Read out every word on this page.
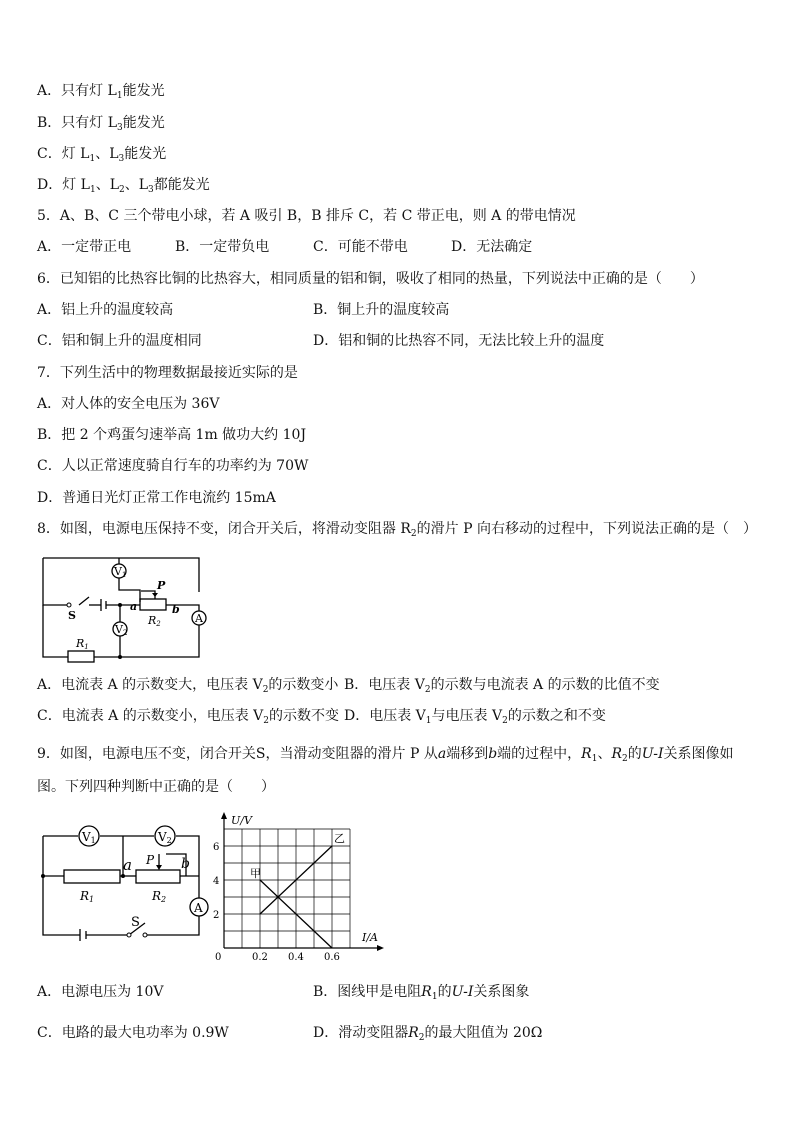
A．只有灯 $L_1$能发光
B．只有灯 $L_3$能发光
C．灯 $L_1$、$L_3$能发光
D．灯 $L_1$、$L_2$、$L_3$都能发光
5．A、B、C 三个带电小球，若 A 吸引 B，B 排斥 C，若 C 带正电，则 A 的带电情况
A．一定带正电	B．一定带负电	C．可能不带电	D．无法确定
6．已知铝的比热容比铜的比热容大，相同质量的铝和铜，吸收了相同的热量，下列说法中正确的是（　　）
A．铝上升的温度较高	B．铜上升的温度较高
C．铝和铜上升的温度相同	D．铝和铜的比热容不同，无法比较上升的温度
7．下列生活中的物理数据最接近实际的是
A．对人体的安全电压为 36V
B．把 2 个鸡蛋匀速举高 1m 做功大约 10J
C．人以正常速度骑自行车的功率约为 70W
D．普通日光灯正常工作电流约 15mA
8．如图，电源电压保持不变，闭合开关后，将滑动变阻器 $R_2$的滑片 P 向右移动的过程中，下列说法正确的是（　）
V1
V2
A
S
P
a	b
R2
R1
A．电流表 A 的示数变大，电压表 $V_2$的示数变小 B．电压表 $V_2$的示数与电流表 A 的示数的比值不变
C．电流表 A 的示数变小，电压表 $V_2$的示数不变 D．电压表 $V_1$与电压表 $V_2$的示数之和不变
9．如图，电源电压不变，闭合开关S，当滑动变阻器的滑片 P 从a端移到b端的过程中，$R_1$、$R_2$的U-I关系图像如
图。下列四种判断中正确的是（　　）
V1	V2
A
S
P
a	b
R1	R2
0	0.2 0.4 0.6
2
4
6
甲
乙
U/V
I/A
A．电源电压为 10V	B．图线甲是电阻$R_1$的U-I关系图象
C．电路的最大电功率为 0.9W	D．滑动变阻器$R_2$的最大阻值为 20Ω
